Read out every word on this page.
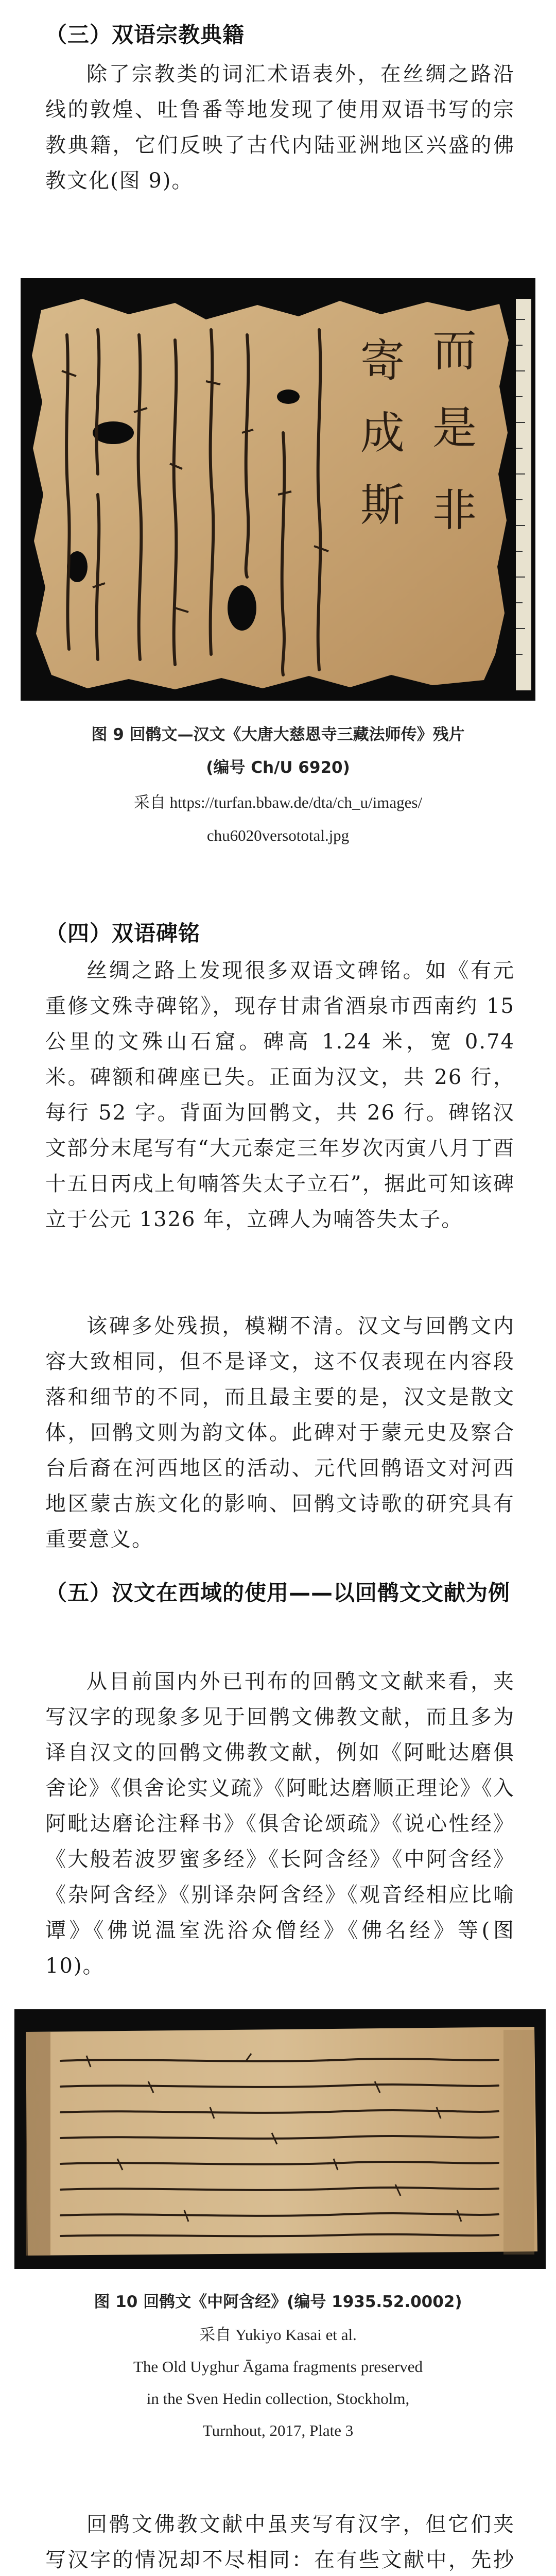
（三）双语宗教典籍

除了宗教类的词汇术语表外，在丝绸之路沿线的敦煌、吐鲁番等地发现了使用双语书写的宗教典籍，它们反映了古代内陆亚洲地区兴盛的佛教文化(图 9)。

寄 而
成 是
斯 非
图 9 回鹘文—汉文《大唐大慈恩寺三藏法师传》残片
(编号 Ch/U 6920)
采自 https://turfan.bbaw.de/dta/ch_u/images/
chu6020versototal.jpg
（四）双语碑铭

丝绸之路上发现很多双语文碑铭。如《有元重修文殊寺碑铭》，现存甘肃省酒泉市西南约 15 公里的文殊山石窟。碑高 1.24 米，宽 0.74 米。碑额和碑座已失。正面为汉文，共 26 行，每行 52 字。背面为回鹘文，共 26 行。碑铭汉文部分末尾写有“大元泰定三年岁次丙寅八月丁酉十五日丙戌上旬喃答失太子立石”，据此可知该碑立于公元 1326 年，立碑人为喃答失太子。

该碑多处残损，模糊不清。汉文与回鹘文内容大致相同，但不是译文，这不仅表现在内容段落和细节的不同，而且最主要的是，汉文是散文体，回鹘文则为韵文体。此碑对于蒙元史及察合台后裔在河西地区的活动、元代回鹘语文对河西地区蒙古族文化的影响、回鹘文诗歌的研究具有重要意义。

（五）汉文在西域的使用——以回鹘文文献为例

从目前国内外已刊布的回鹘文文献来看，夹写汉字的现象多见于回鹘文佛教文献，而且多为译自汉文的回鹘文佛教文献，例如《阿毗达磨俱舍论》《俱舍论实义疏》《阿毗达磨顺正理论》《入阿毗达磨论注释书》《俱舍论颂疏》《说心性经》《大般若波罗蜜多经》《长阿含经》《中阿含经》《杂阿含经》《别译杂阿含经》《观音经相应比喻谭》《佛说温室洗浴众僧经》《佛名经》等(图 10)。

图 10 回鹘文《中阿含经》(编号 1935.52.0002)
采自 Yukiyo Kasai et al.
The Old Uyghur Āgama fragments preserved
in the Sven Hedin collection, Stockholm,
Turnhout, 2017, Plate 3

回鹘文佛教文献中虽夹写有汉字，但它们夹写汉字的情况却不尽相同：在有些文献中，先抄
